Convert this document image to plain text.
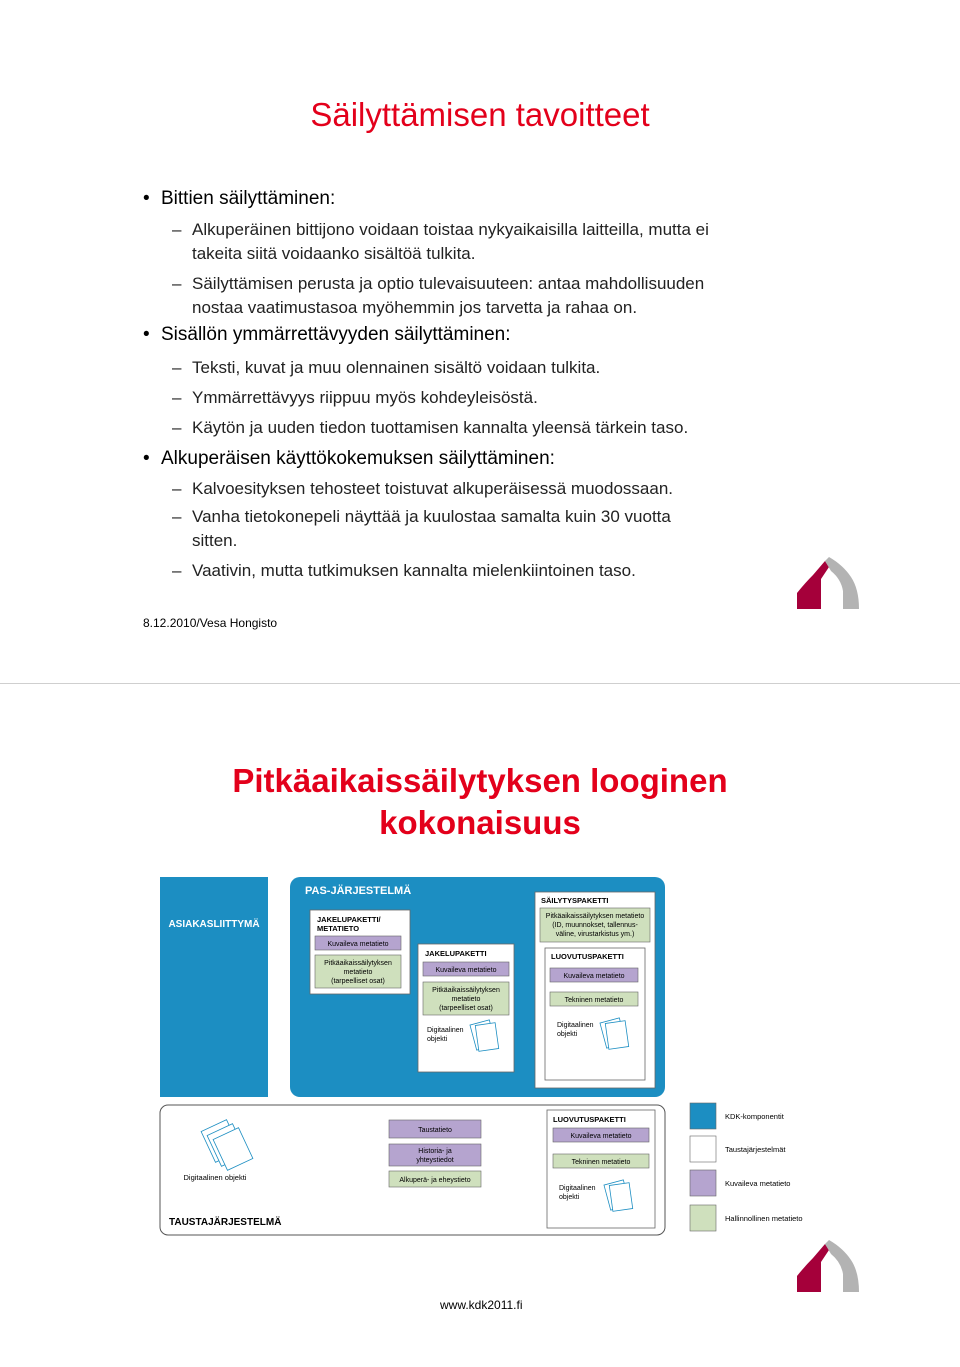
Säilyttämisen tavoitteet
• Bittien säilyttäminen:
– Alkuperäinen bittijono voidaan toistaa nykyaikaisilla laitteilla, mutta ei
takeita siitä voidaanko sisältöä tulkita.
– Säilyttämisen perusta ja optio tulevaisuuteen: antaa mahdollisuuden
nostaa vaatimustasoa myöhemmin jos tarvetta ja rahaa on.
• Sisällön ymmärrettävyyden säilyttäminen:
– Teksti, kuvat ja muu olennainen sisältö voidaan tulkita.
– Ymmärrettävyys riippuu myös kohdeyleisöstä.
– Käytön ja uuden tiedon tuottamisen kannalta yleensä tärkein taso.
• Alkuperäisen käyttökokemuksen säilyttäminen:
– Kalvoesityksen tehosteet toistuvat alkuperäisessä muodossaan.
– Vanha tietokonepeli näyttää ja kuulostaa samalta kuin 30 vuotta
sitten.
– Vaativin, mutta tutkimuksen kannalta mielenkiintoinen taso.
8.12.2010/Vesa Hongisto
Pitkäaikaissäilytyksen looginen
kokonaisuus
ASIAKASLIITTYMÄ
PAS-JÄRJESTELMÄ
JAKELUPAKETTI/
METATIETO
Kuvaileva metatieto
Pitkäaikaissäilytyksen
metatieto
(tarpeelliset osat)
JAKELUPAKETTI
Kuvaileva metatieto
Pitkäaikaissäilytyksen
metatieto
(tarpeelliset osat)
Digitaalinen
objekti
SÄILYTYSPAKETTI
Pitkäaikaissäilytyksen metatieto
(ID, muunnokset, tallennus-
väline, virustarkistus ym.)
LUOVUTUSPAKETTI
Kuvaileva metatieto
Tekninen metatieto
Digitaalinen
objekti
Digitaalinen objekti
TAUSTAJÄRJESTELMÄ
Taustatieto
Historia- ja
yhteystiedot
Alkuperä- ja eheystieto
LUOVUTUSPAKETTI
Kuvaileva metatieto
Tekninen metatieto
Digitaalinen
objekti
KDK-komponentit
Taustajärjestelmät
Kuvaileva metatieto
Hallinnollinen metatieto
www.kdk2011.fi
